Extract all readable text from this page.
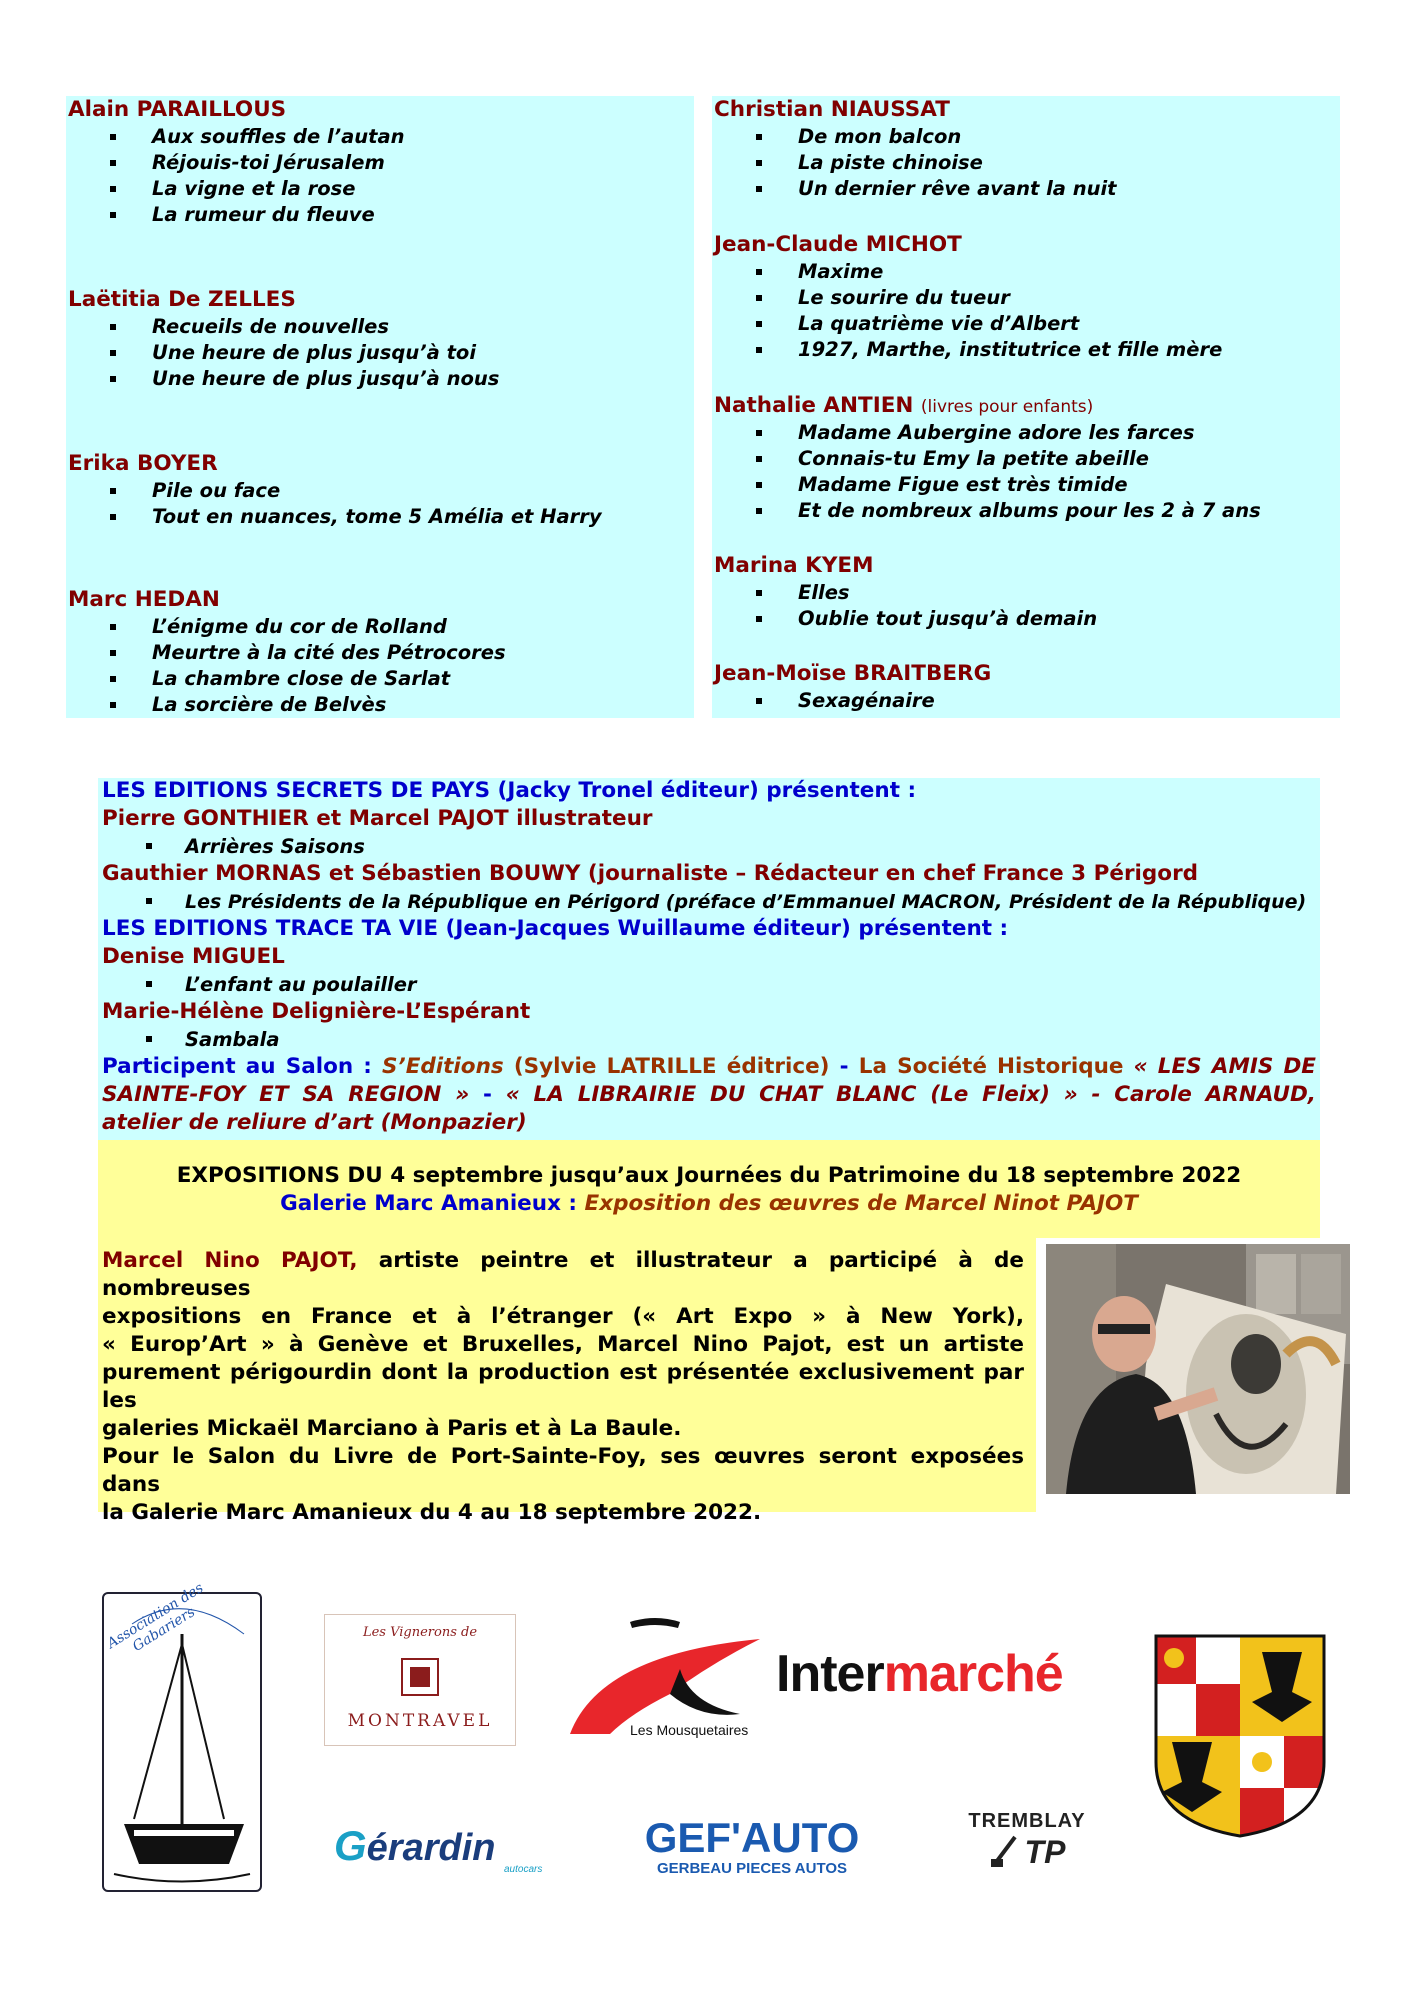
Alain PARAILLOUS
Aux souffles de l’autan
Réjouis-toi Jérusalem
La vigne et la rose
La rumeur du fleuve
Laëtitia De ZELLES
Recueils de nouvelles
Une heure de plus jusqu’à toi
Une heure de plus jusqu’à nous
Erika BOYER
Pile ou face
Tout en nuances, tome 5 Amélia et Harry
Marc HEDAN
L’énigme du cor de Rolland
Meurtre à la cité des Pétrocores
La chambre close de Sarlat
La sorcière de Belvès
Christian NIAUSSAT
De mon balcon
La piste chinoise
Un dernier rêve avant la nuit
Jean-Claude MICHOT
Maxime
Le sourire du tueur
La quatrième vie d’Albert
1927, Marthe, institutrice et fille mère
Nathalie ANTIEN (livres pour enfants)
Madame Aubergine adore les farces
Connais-tu Emy la petite abeille
Madame Figue est très timide
Et de nombreux albums pour les 2 à 7 ans
Marina KYEM
Elles
Oublie tout jusqu’à demain
Jean-Moïse BRAITBERG
Sexagénaire
LES EDITIONS SECRETS DE PAYS (Jacky Tronel éditeur) présentent :
Pierre GONTHIER et Marcel PAJOT illustrateur
Arrières Saisons
Gauthier MORNAS et Sébastien BOUWY (journaliste – Rédacteur en chef France 3 Périgord
Les Présidents de la République en Périgord (préface d’Emmanuel MACRON, Président de la République)
LES EDITIONS TRACE TA VIE (Jean-Jacques Wuillaume éditeur) présentent :
Denise MIGUEL
L’enfant au poulailler
Marie-Hélène Delignière-L’Espérant
Sambala
Participent au Salon : S’Editions (Sylvie LATRILLE éditrice) - La Société Historique « LES AMIS DE
SAINTE-FOY ET SA REGION » - « LA LIBRAIRIE DU CHAT BLANC (Le Fleix) » - Carole ARNAUD,
atelier de reliure d’art (Monpazier)
EXPOSITIONS DU 4 septembre jusqu’aux Journées du Patrimoine du 18 septembre 2022
Galerie Marc Amanieux : Exposition des œuvres de Marcel Ninot PAJOT
Marcel Nino PAJOT, artiste peintre et illustrateur a participé à de nombreuses
expositions en France et à l’étranger (« Art Expo » à New York),
« Europ’Art » à Genève et Bruxelles, Marcel Nino Pajot, est un artiste
purement périgourdin dont la production est présentée exclusivement par les
galeries Mickaël Marciano à Paris et à La Baule.
Pour le Salon du Livre de Port-Sainte-Foy, ses œuvres seront exposées dans
la Galerie Marc Amanieux du 4 au 18 septembre 2022.
Association des Gabariers	Les Vignerons de
MONTRAVEL	Les Mousquetaires
Intermarché
Gérardin
autocars
GEF'AUTO
GERBEAU PIECES AUTOS
TREMBLAY
TP
